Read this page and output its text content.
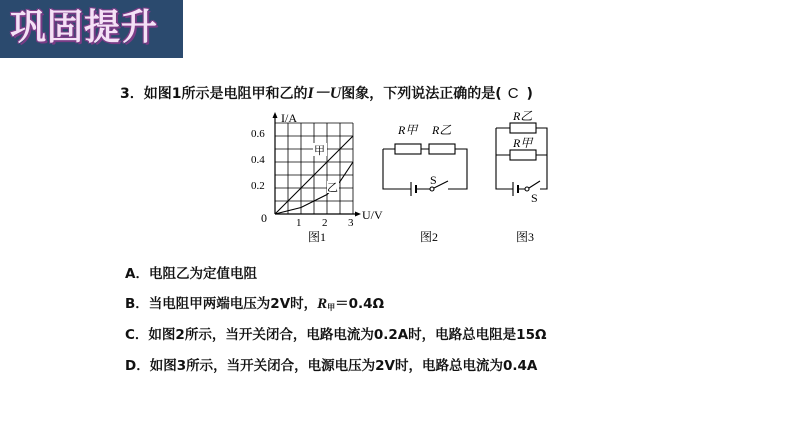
巩固提升
3．如图1所示是电阻甲和乙的I－U图象，下列说法正确的是( C )
I/A
U/V
0
0.2
0.4
0.6
1 2 3
甲
乙
图1
R甲 R乙
S
图2
R乙
R甲
S
图3
A．电阻乙为定值电阻
B．当电阻甲两端电压为2V时，$R_甲=0.4\Omega$
C．如图2所示，当开关闭合，电路电流为0.2A时，电路总电阻是15Ω
D．如图3所示，当开关闭合，电源电压为2V时，电路总电流为0.4A
